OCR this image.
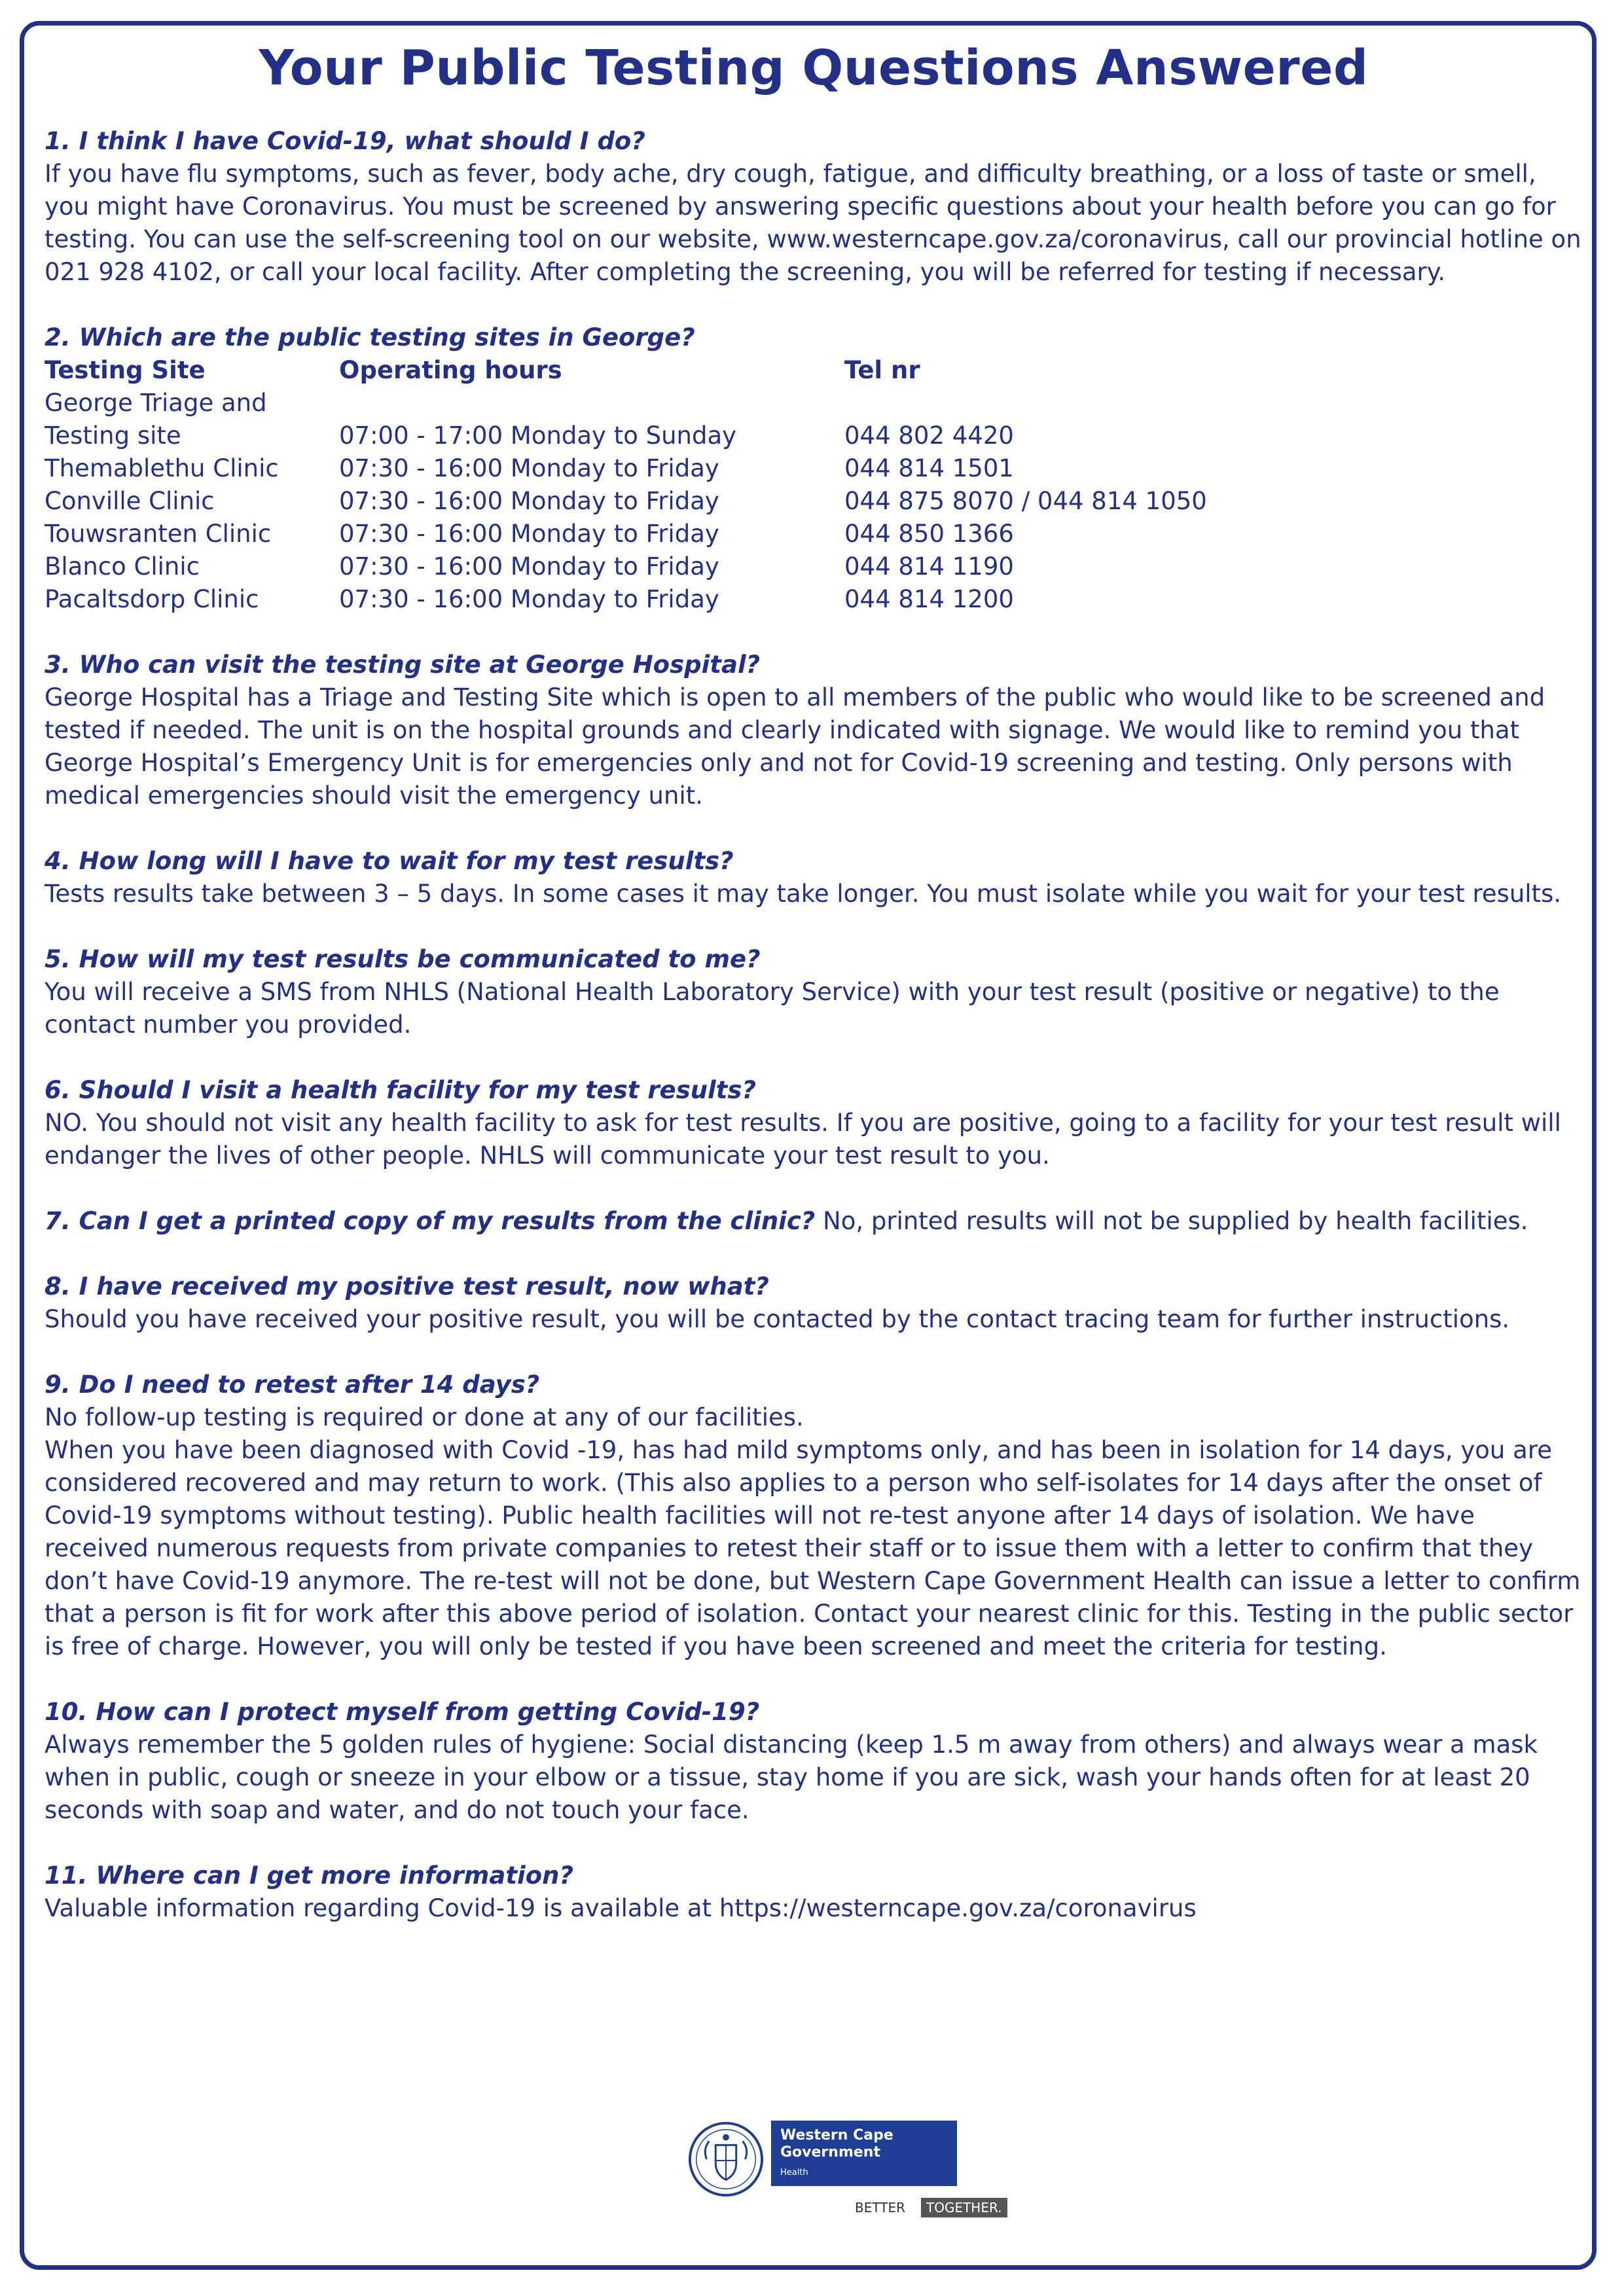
Your Public Testing Questions Answered

1. I think I have Covid-19, what should I do?

If you have flu symptoms, such as fever, body ache, dry cough, fatigue, and difficulty breathing, or a loss of taste or smell, you might have Coronavirus. You must be screened by answering specific questions about your health before you can go for testing. You can use the self-screening tool on our website, www.westerncape.gov.za/coronavirus, call our provincial hotline on 021 928 4102, or call your local facility. After completing the screening, you will be referred for testing if necessary.

2. Which are the public testing sites in George?

Testing Site	Operating hours	Tel nr
George Triage and		
Testing site	07:00 - 17:00 Monday to Sunday	044 802 4420
Themablethu Clinic	07:30 - 16:00 Monday to Friday	044 814 1501
Conville Clinic	07:30 - 16:00 Monday to Friday	044 875 8070 / 044 814 1050
Touwsranten Clinic	07:30 - 16:00 Monday to Friday	044 850 1366
Blanco Clinic	07:30 - 16:00 Monday to Friday	044 814 1190
Pacaltsdorp Clinic	07:30 - 16:00 Monday to Friday	044 814 1200

3. Who can visit the testing site at George Hospital?

George Hospital has a Triage and Testing Site which is open to all members of the public who would like to be screened and tested if needed. The unit is on the hospital grounds and clearly indicated with signage. We would like to remind you that George Hospital’s Emergency Unit is for emergencies only and not for Covid-19 screening and testing. Only persons with medical emergencies should visit the emergency unit.

4. How long will I have to wait for my test results?

Tests results take between 3 – 5 days. In some cases it may take longer. You must isolate while you wait for your test results.

5. How will my test results be communicated to me?

You will receive a SMS from NHLS (National Health Laboratory Service) with your test result (positive or negative) to the contact number you provided.

6. Should I visit a health facility for my test results?

NO. You should not visit any health facility to ask for test results. If you are positive, going to a facility for your test result will endanger the lives of other people. NHLS will communicate your test result to you.

7. Can I get a printed copy of my results from the clinic? No, printed results will not be supplied by health facilities.

8. I have received my positive test result, now what?

Should you have received your positive result, you will be contacted by the contact tracing team for further instructions.

9. Do I need to retest after 14 days?

No follow-up testing is required or done at any of our facilities.

When you have been diagnosed with Covid -19, has had mild symptoms only, and has been in isolation for 14 days, you are considered recovered and may return to work. (This also applies to a person who self-isolates for 14 days after the onset of Covid-19 symptoms without testing). Public health facilities will not re-test anyone after 14 days of isolation. We have received numerous requests from private companies to retest their staff or to issue them with a letter to confirm that they don’t have Covid-19 anymore. The re-test will not be done, but Western Cape Government Health can issue a letter to confirm that a person is fit for work after this above period of isolation. Contact your nearest clinic for this. Testing in the public sector is free of charge. However, you will only be tested if you have been screened and meet the criteria for testing.

10. How can I protect myself from getting Covid-19?

Always remember the 5 golden rules of hygiene: Social distancing (keep 1.5 m away from others) and always wear a mask when in public, cough or sneeze in your elbow or a tissue, stay home if you are sick, wash your hands often for at least 20 seconds with soap and water, and do not touch your face.

11. Where can I get more information?

Valuable information regarding Covid-19 is available at https://westerncape.gov.za/coronavirus

Western Cape
Government
Health
BETTER	TOGETHER.
